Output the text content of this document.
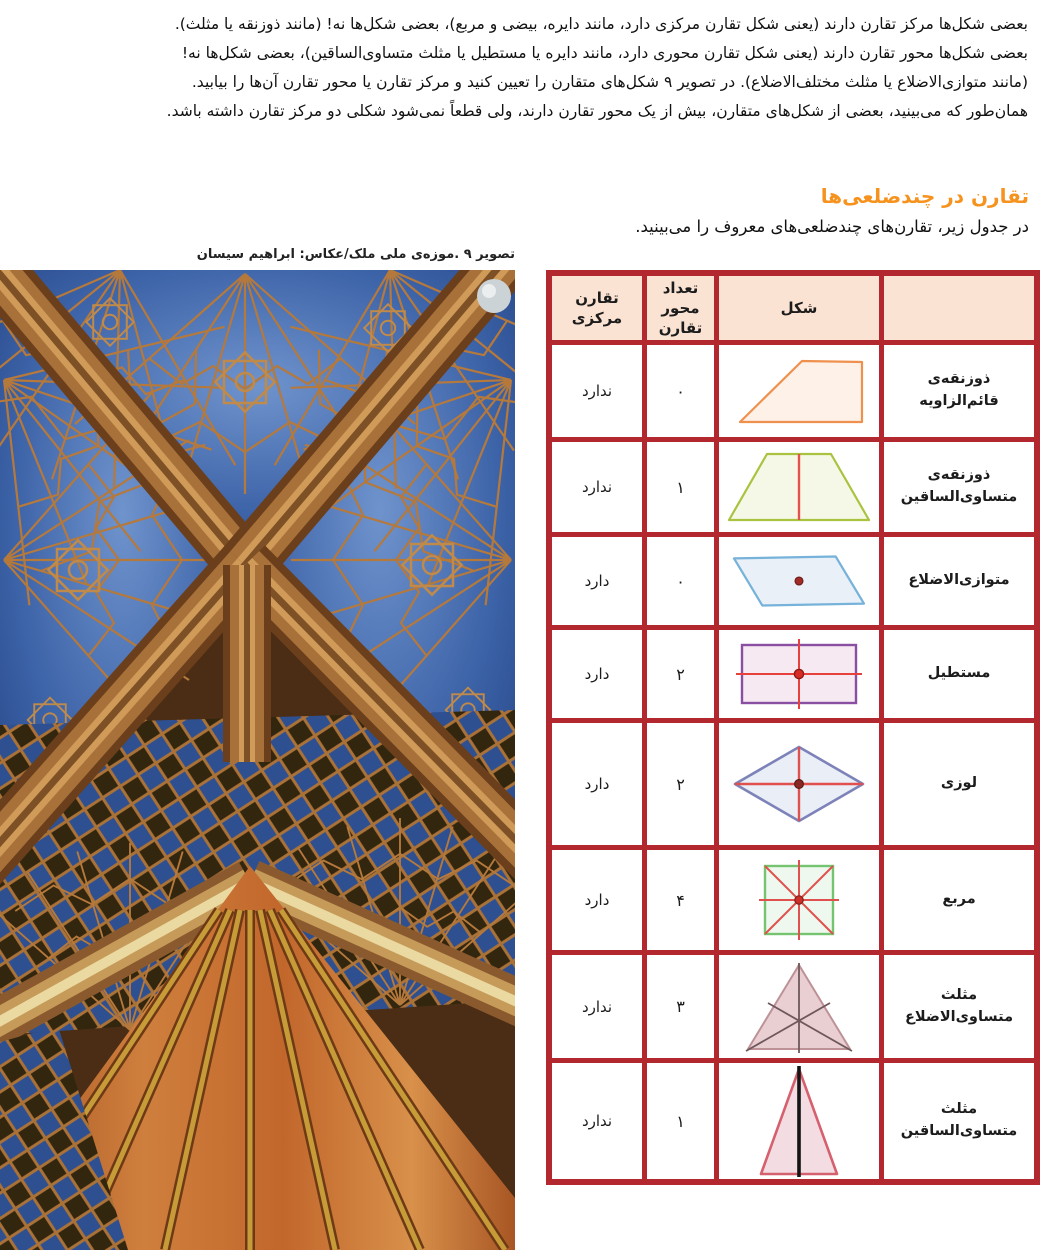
بعضی شکل‌ها مرکز تقارن دارند (یعنی شکل تقارن مرکزی دارد، مانند دایره، بیضی و مربع)، بعضی شکل‌ها نه! (مانند ذوزنقه یا مثلث).
بعضی شکل‌ها محور تقارن دارند (یعنی شکل تقارن محوری دارد، مانند دایره یا مستطیل یا مثلث متساوی‌الساقین)، بعضی شکل‌ها نه!
(مانند متوازی‌الاضلاع یا مثلث مختلف‌الاضلاع). در تصویر ۹ شکل‌های متقارن را تعیین کنید و مرکز تقارن یا محور تقارن آن‌ها را بیابید.
همان‌طور که می‌بینید، بعضی از شکل‌های متقارن، بیش از یک محور تقارن دارند، ولی قطعاً نمی‌شود شکلی دو مرکز تقارن داشته باشد.
تقارن در چندضلعی‌ها
در جدول زیر، تقارن‌های چندضلعی‌های معروف را می‌بینید.
تصویر ۹ .موزه‌ی ملی ملک/عکاس: ابراهیم سیسان
شکل
تعداد محور تقارن
تقارن مرکزی
ذوزنقه‌ی قائم‌الزاویه
۰
ندارد
ذوزنقه‌ی متساوی‌الساقین
۱
ندارد
متوازی‌الاضلاع
۰
دارد
مستطیل
۲
دارد
لوزی
۲
دارد
مربع
۴
دارد
مثلث متساوی‌الاضلاع
۳
ندارد
مثلث متساوی‌الساقین
۱
ندارد
